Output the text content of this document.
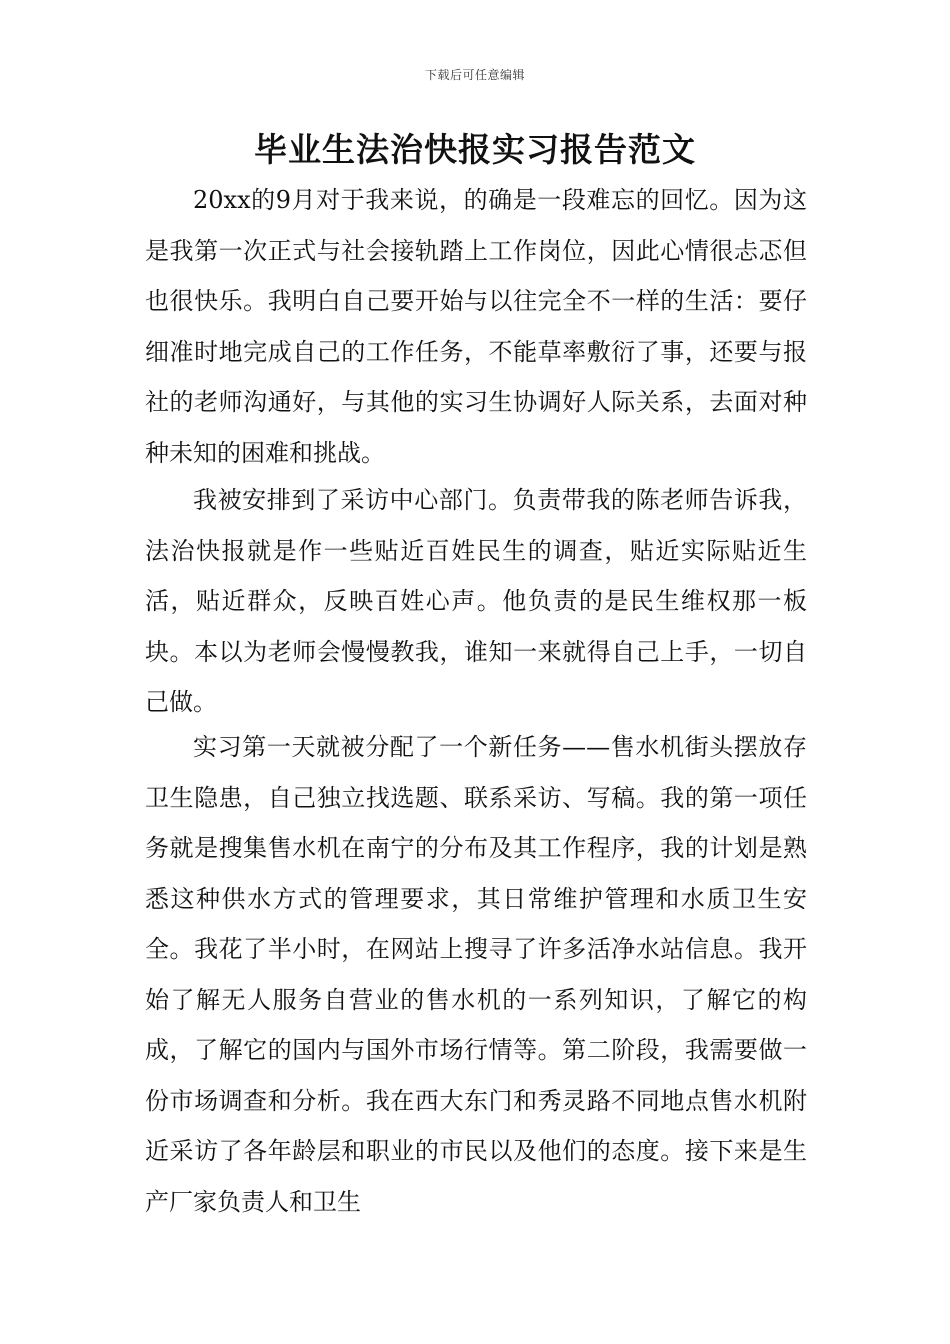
下载后可任意编辑
毕业生法治快报实习报告范文

20xx的9月对于我来说，的确是一段难忘的回忆。因为这是我第一次正式与社会接轨踏上工作岗位，因此心情很忐忑但也很快乐。我明白自己要开始与以往完全不一样的生活：要仔细准时地完成自己的工作任务，不能草率敷衍了事，还要与报社的老师沟通好，与其他的实习生协调好人际关系，去面对种种未知的困难和挑战。

我被安排到了采访中心部门。负责带我的陈老师告诉我，法治快报就是作一些贴近百姓民生的调查，贴近实际贴近生活，贴近群众，反映百姓心声。他负责的是民生维权那一板块。本以为老师会慢慢教我，谁知一来就得自己上手，一切自己做。

实习第一天就被分配了一个新任务——售水机街头摆放存卫生隐患，自己独立找选题、联系采访、写稿。我的第一项任务就是搜集售水机在南宁的分布及其工作程序，我的计划是熟悉这种供水方式的管理要求，其日常维护管理和水质卫生安全。我花了半小时，在网站上搜寻了许多活净水站信息。我开始了解无人服务自营业的售水机的一系列知识，了解它的构成，了解它的国内与国外市场行情等。第二阶段，我需要做一份市场调查和分析。我在西大东门和秀灵路不同地点售水机附近采访了各年龄层和职业的市民以及他们的态度。接下来是生产厂家负责人和卫生
